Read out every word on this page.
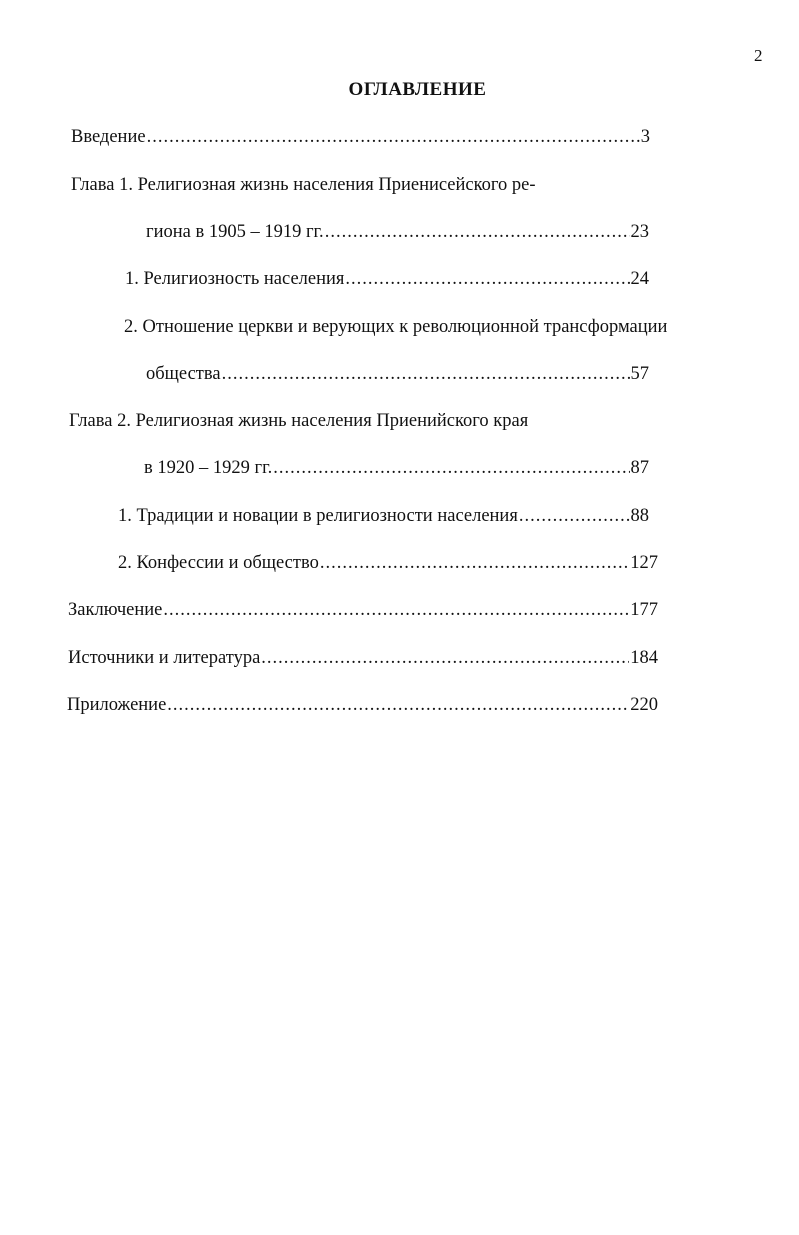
2
ОГЛАВЛЕНИЕ
Введение .....	3
Глава 1. Религиозная жизнь населения Приенисейского ре-
гиона в 1905 – 1919 гг. .....	23
1. Религиозность населения .....	24
2. Отношение церкви и верующих к революционной трансформации
общества .....	57
Глава 2. Религиозная жизнь населения Приенийского края
в 1920 – 1929 гг. .....	87
1. Традиции и новации в религиозности населения .....	88
2. Конфессии и общество .....	127
Заключение .....	177
Источники и литература .....	184
Приложение .....	220
